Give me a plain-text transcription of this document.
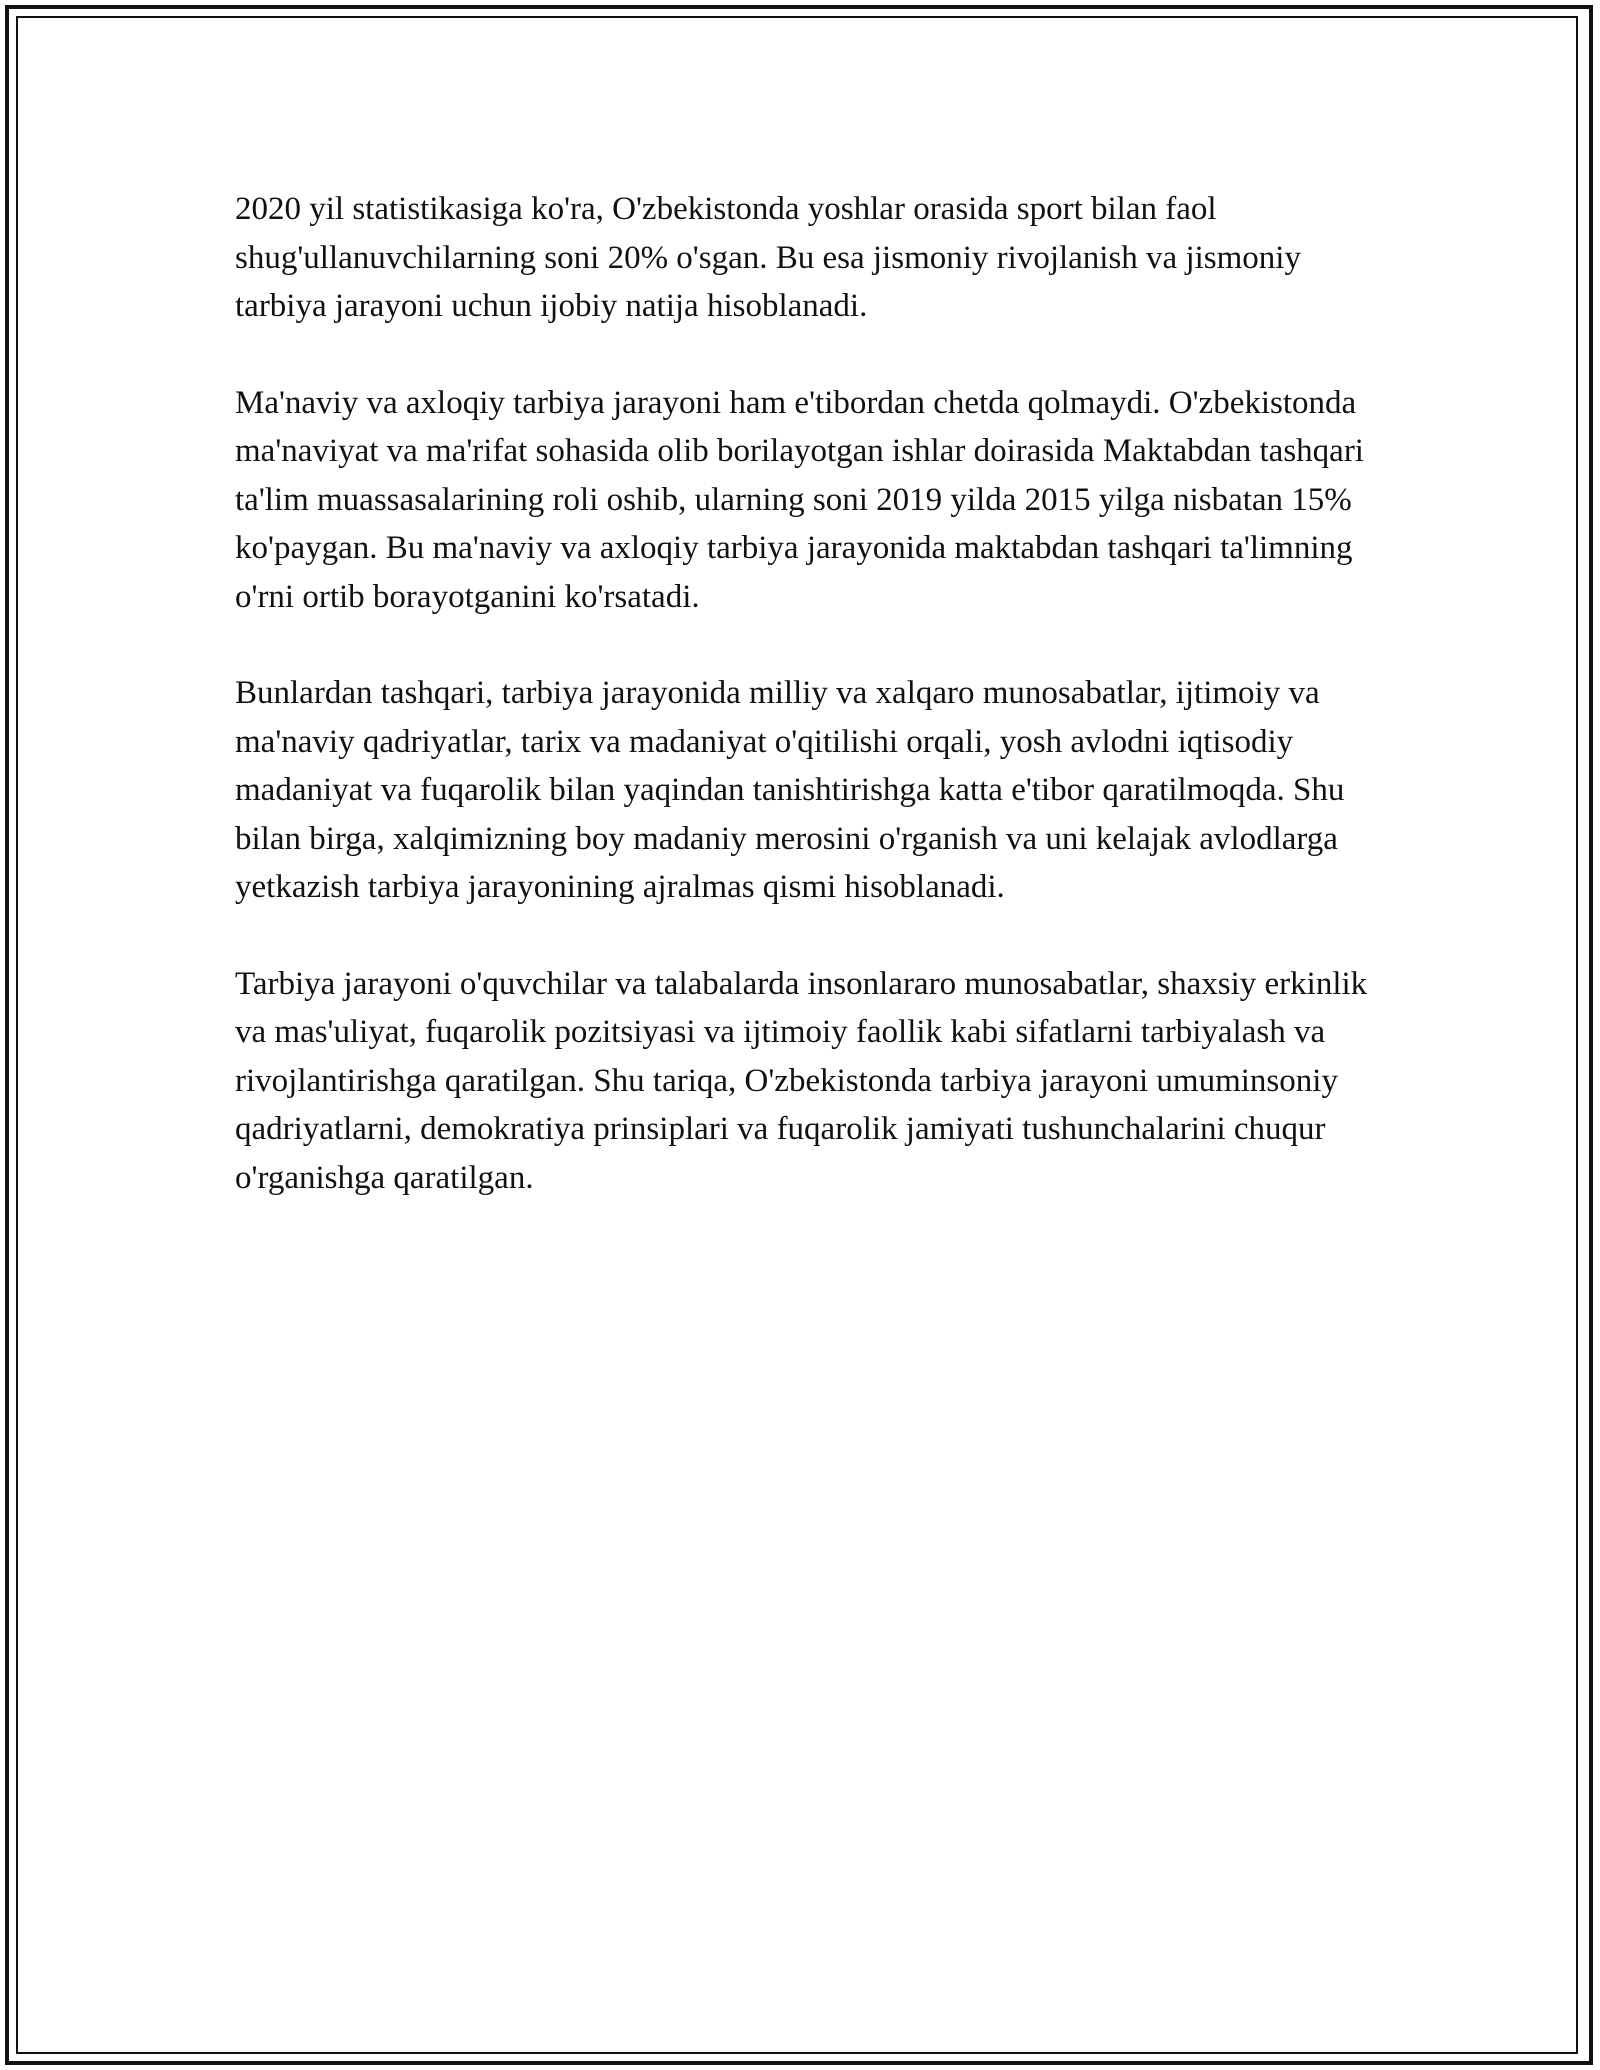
2020 yil statistikasiga ko'ra, O'zbekistonda yoshlar orasida sport bilan faol shug'ullanuvchilarning soni 20% o'sgan. Bu esa jismoniy rivojlanish va jismoniy tarbiya jarayoni uchun ijobiy natija hisoblanadi.

Ma'naviy va axloqiy tarbiya jarayoni ham e'tibordan chetda qolmaydi. O'zbekistonda ma'naviyat va ma'rifat sohasida olib borilayotgan ishlar doirasida Maktabdan tashqari ta'lim muassasalarining roli oshib, ularning soni 2019 yilda 2015 yilga nisbatan 15% ko'paygan. Bu ma'naviy va axloqiy tarbiya jarayonida maktabdan tashqari ta'limning o'rni ortib borayotganini ko'rsatadi.

Bunlardan tashqari, tarbiya jarayonida milliy va xalqaro munosabatlar, ijtimoiy va ma'naviy qadriyatlar, tarix va madaniyat o'qitilishi orqali, yosh avlodni iqtisodiy madaniyat va fuqarolik bilan yaqindan tanishtirishga katta e'tibor qaratilmoqda. Shu bilan birga, xalqimizning boy madaniy merosini o'rganish va uni kelajak avlodlarga yetkazish tarbiya jarayonining ajralmas qismi hisoblanadi.

Tarbiya jarayoni o'quvchilar va talabalarda insonlararo munosabatlar, shaxsiy erkinlik va mas'uliyat, fuqarolik pozitsiyasi va ijtimoiy faollik kabi sifatlarni tarbiyalash va rivojlantirishga qaratilgan. Shu tariqa, O'zbekistonda tarbiya jarayoni umuminsoniy qadriyatlarni, demokratiya prinsiplari va fuqarolik jamiyati tushunchalarini chuqur o'rganishga qaratilgan.
